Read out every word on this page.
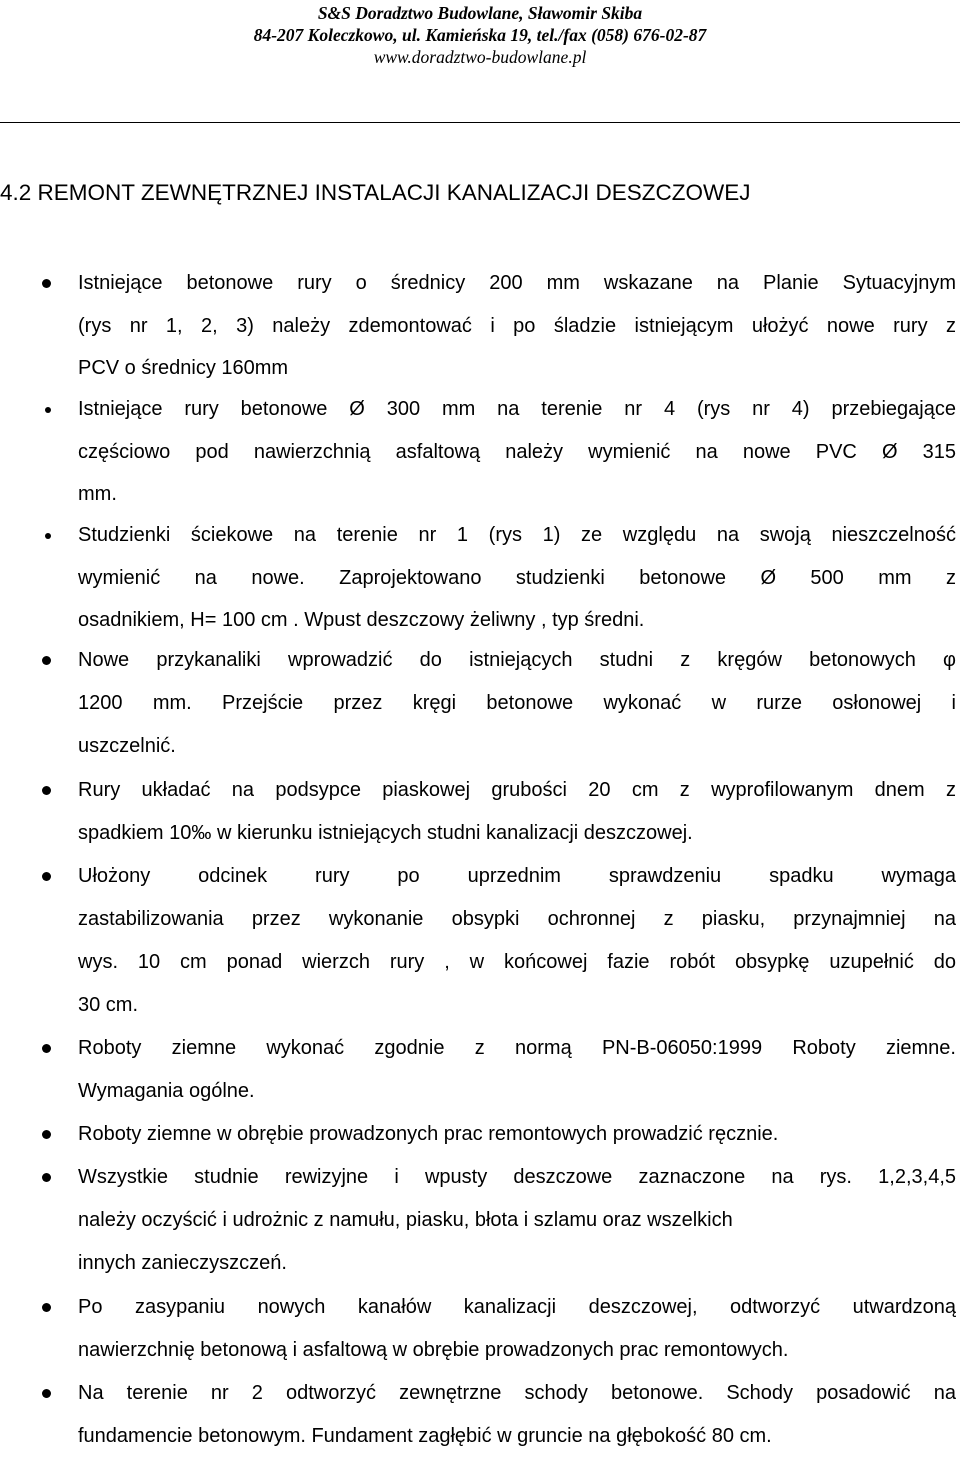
S&S Doradztwo Budowlane, Sławomir Skiba
84-207 Koleczkowo, ul. Kamieńska 19, tel./fax (058) 676-02-87
www.doradztwo-budowlane.pl
4.2 REMONT ZEWNĘTRZNEJ INSTALACJI KANALIZACJI DESZCZOWEJ
Istniejące betonowe rury o średnicy 200 mm wskazane na Planie Sytuacyjnym
(rys nr 1, 2, 3) należy zdemontować i po śladzie istniejącym ułożyć nowe rury z
PCV o średnicy 160mm
Istniejące rury betonowe Ø 300 mm na terenie nr 4 (rys nr 4) przebiegające
częściowo pod nawierzchnią asfaltową należy wymienić na nowe PVC Ø 315
mm.
Studzienki ściekowe na terenie nr 1 (rys 1) ze względu na swoją nieszczelność
wymienić na nowe. Zaprojektowano studzienki betonowe Ø 500 mm z
osadnikiem, H= 100 cm . Wpust deszczowy żeliwny , typ średni.
Nowe przykanaliki wprowadzić do istniejących studni z kręgów betonowych φ
1200 mm. Przejście przez kręgi betonowe wykonać w rurze osłonowej i
uszczelnić.
Rury układać na podsypce piaskowej grubości 20 cm z wyprofilowanym dnem z
spadkiem 10‰ w kierunku istniejących studni kanalizacji deszczowej.
Ułożony odcinek rury po uprzednim sprawdzeniu spadku wymaga
zastabilizowania przez wykonanie obsypki ochronnej z piasku, przynajmniej na
wys. 10 cm ponad wierzch rury , w końcowej fazie robót obsypkę uzupełnić do
30 cm.
Roboty ziemne wykonać zgodnie z normą PN-B-06050:1999 Roboty ziemne.
Wymagania ogólne.
Roboty ziemne w obrębie prowadzonych prac remontowych prowadzić ręcznie.
Wszystkie studnie rewizyjne i wpusty deszczowe zaznaczone na rys. 1,2,3,4,5
należy oczyścić i udrożnic z namułu, piasku, błota i szlamu oraz wszelkich
innych zanieczyszczeń.
Po zasypaniu nowych kanałów kanalizacji deszczowej, odtworzyć utwardzoną
nawierzchnię betonową i asfaltową w obrębie prowadzonych prac remontowych.
Na terenie nr 2 odtworzyć zewnętrzne schody betonowe. Schody posadowić na
fundamencie betonowym. Fundament zagłębić w gruncie na głębokość 80 cm.
